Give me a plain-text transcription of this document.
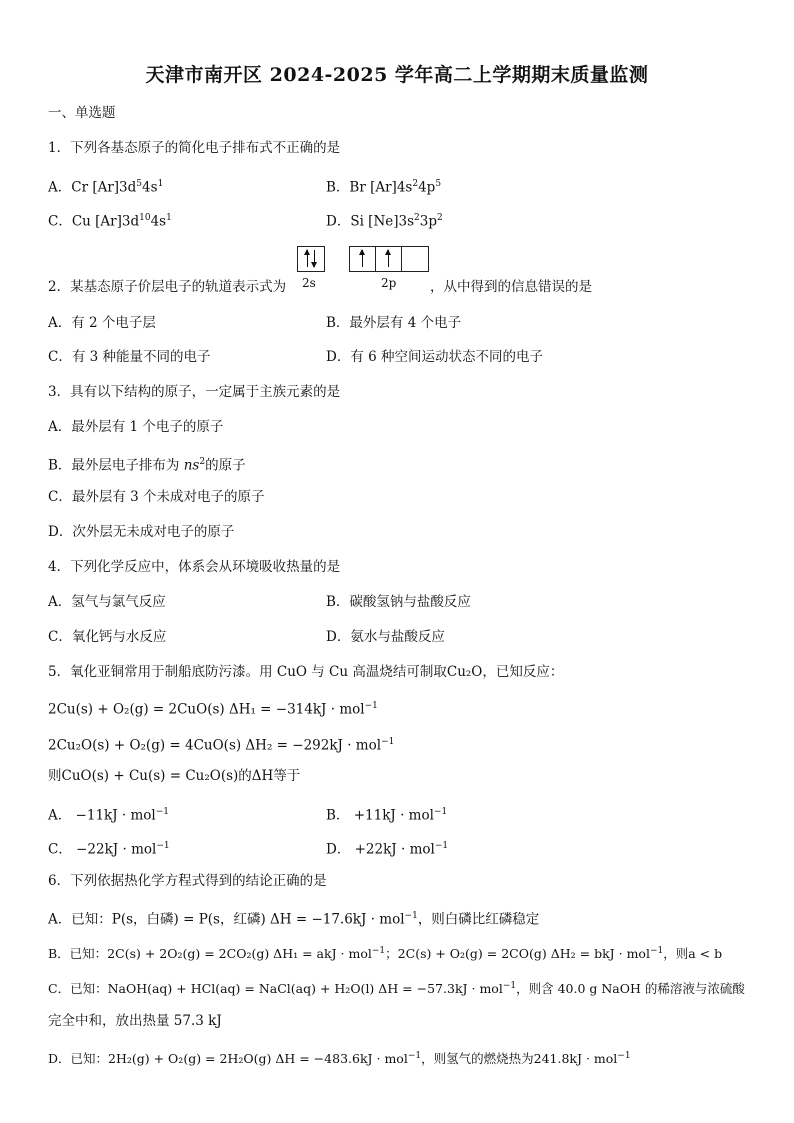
天津市南开区 2024-2025 学年高二上学期期末质量监测
一、单选题
1．下列各基态原子的简化电子排布式不正确的是
A．Cr $[Ar]3d^54s^1$	B．Br $[Ar]4s^24p^5$
C．Cu $[Ar]3d^{10}4s^1$	D．Si $[Ne]3s^23p^2$
2s	2p
2．某基态原子价层电子的轨道表示式为	，从中得到的信息错误的是
A．有 2 个电子层	B．最外层有 4 个电子
C．有 3 种能量不同的电子	D．有 6 种空间运动状态不同的电子
3．具有以下结构的原子，一定属于主族元素的是
A．最外层有 1 个电子的原子
B．最外层电子排布为 $ns^2$的原子
C．最外层有 3 个未成对电子的原子
D．次外层无未成对电子的原子
4．下列化学反应中，体系会从环境吸收热量的是
A．氢气与氯气反应	B．碳酸氢钠与盐酸反应
C．氧化钙与水反应	D．氨水与盐酸反应
5．氧化亚铜常用于制船底防污漆。用 CuO 与 Cu 高温烧结可制取Cu₂O，已知反应：
2Cu(s) + O₂(g) = 2CuO(s) ΔH₁ = −314kJ · mol$^{-1}$
2Cu₂O(s) + O₂(g) = 4CuO(s) ΔH₂ = −292kJ · mol$^{-1}$
则CuO(s) + Cu(s) = Cu₂O(s)的ΔH等于
A． −11kJ · mol$^{-1}$	B． +11kJ · mol$^{-1}$
C． −22kJ · mol$^{-1}$	D． +22kJ · mol$^{-1}$
6．下列依据热化学方程式得到的结论正确的是
A．已知：P(s，白磷) = P(s，红磷) ΔH = −17.6kJ · mol$^{-1}$，则白磷比红磷稳定
B．已知：2C(s) + 2O₂(g) = 2CO₂(g) ΔH₁ = akJ · mol$^{-1}$；2C(s) + O₂(g) = 2CO(g) ΔH₂ = bkJ · mol$^{-1}$，则a < b
C．已知：NaOH(aq) + HCl(aq) = NaCl(aq) + H₂O(l) ΔH = −57.3kJ · mol$^{-1}$，则含 40.0 g NaOH 的稀溶液与浓硫酸
完全中和，放出热量 57.3 kJ
D．已知：2H₂(g) + O₂(g) = 2H₂O(g) ΔH = −483.6kJ · mol$^{-1}$，则氢气的燃烧热为241.8kJ · mol$^{-1}$
